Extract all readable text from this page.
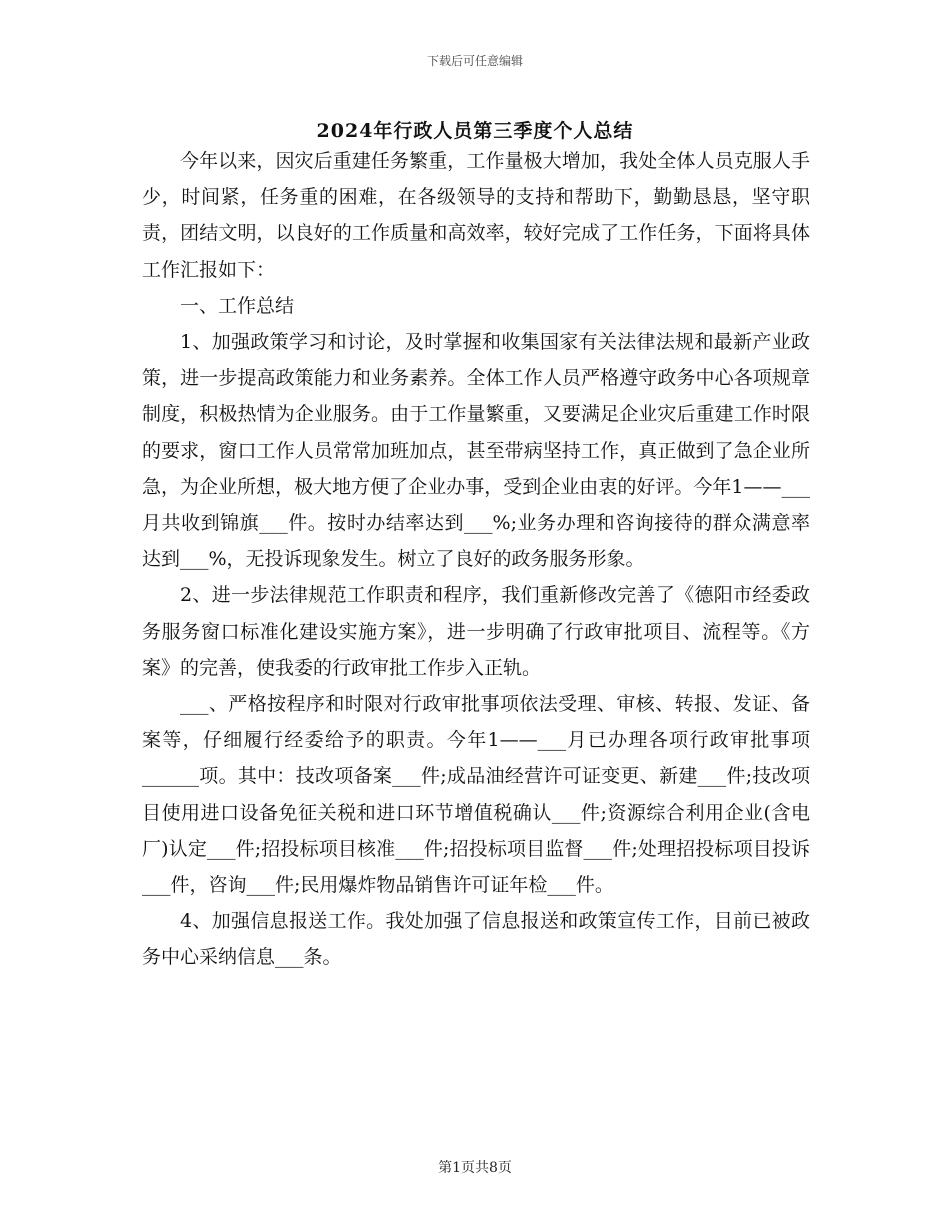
下载后可任意编辑
2024年行政人员第三季度个人总结

今年以来，因灾后重建任务繁重，工作量极大增加，我处全体人员克服人手少，时间紧，任务重的困难，在各级领导的支持和帮助下，勤勤恳恳，坚守职责，团结文明，以良好的工作质量和高效率，较好完成了工作任务，下面将具体工作汇报如下：

一、工作总结

1、加强政策学习和讨论，及时掌握和收集国家有关法律法规和最新产业政策，进一步提高政策能力和业务素养。全体工作人员严格遵守政务中心各项规章制度，积极热情为企业服务。由于工作量繁重，又要满足企业灾后重建工作时限的要求，窗口工作人员常常加班加点，甚至带病坚持工作，真正做到了急企业所急，为企业所想，极大地方便了企业办事，受到企业由衷的好评。今年1——___月共收到锦旗___件。按时办结率达到___%;业务办理和咨询接待的群众满意率达到___%，无投诉现象发生。树立了良好的政务服务形象。

2、进一步法律规范工作职责和程序，我们重新修改完善了《德阳市经委政务服务窗口标准化建设实施方案》，进一步明确了行政审批项目、流程等。《方案》的完善，使我委的行政审批工作步入正轨。

___、严格按程序和时限对行政审批事项依法受理、审核、转报、发证、备案等，仔细履行经委给予的职责。今年1——___月已办理各项行政审批事项______项。其中：技改项备案___件;成品油经营许可证变更、新建___件;技改项目使用进口设备免征关税和进口环节增值税确认___件;资源综合利用企业(含电厂)认定___件;招投标项目核准___件;招投标项目监督___件;处理招投标项目投诉___件，咨询___件;民用爆炸物品销售许可证年检___件。

4、加强信息报送工作。我处加强了信息报送和政策宣传工作，目前已被政务中心采纳信息___条。

第1页共8页
